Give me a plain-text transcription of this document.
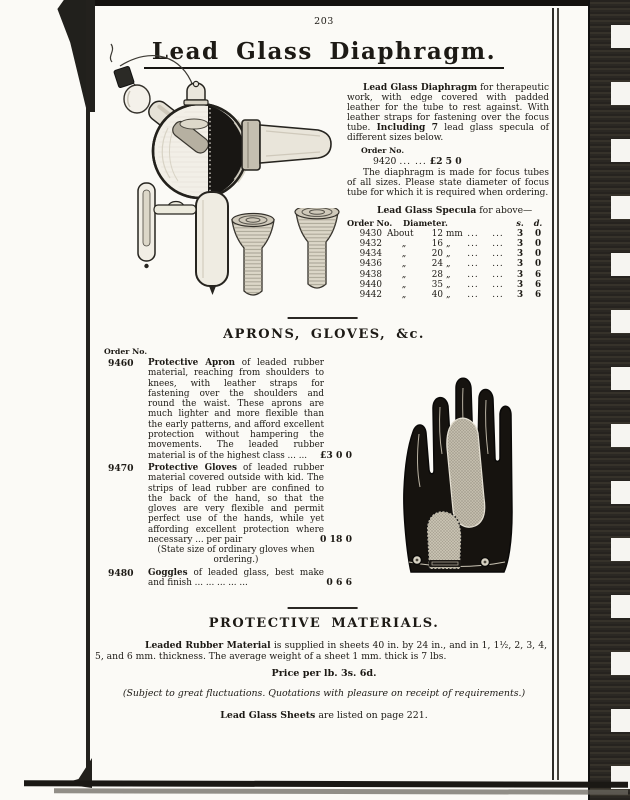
203
Lead Glass Diaphragm.

Lead Glass Diaphragm for therapeutic work, with edge covered with padded leather for the tube to rest against. With leather straps for fastening over the focus tube. Including 7 lead glass specula of different sizes below.

Order No.
9420 ... ... £2 5 0

The diaphragm is made for focus tubes of all sizes. Please state diameter of focus tube for which it is required when ordering.

Lead Glass Specula for above—
Order No.	Diameter.	s.	d.
9430 About	12 mm ...	...	3	0
9432	„	16 „	...	...	3	0
9434	„	20 „	...	...	3	0
9436	„	24 „	...	...	3	0
9438	„	28 „	...	...	3	6
9440	„	35 „	...	...	3	6
9442	„	40 „	...	...	3	6
APRONS, GLOVES, &c.
Order No.
9460 Protective Apron of leaded rubber material, reaching from shoulders to knees, with leather straps for fastening over the shoulders and round the waist. These aprons are much lighter and more flexible than the early patterns, and afford excellent protection without hampering the movements. The leaded rubber material is of the highest class ... ...	£3 0 0
9470 Protective Gloves of leaded rubber material covered outside with kid. The strips of lead rubber are confined to the back of the hand, so that the gloves are very flexible and permit perfect use of the hands, while yet affording excellent protection where necessary ... per pair	0 18 0
(State size of ordinary gloves when ordering.)
9480 Goggles of leaded glass, best make and finish ... ... ... ... ...	0 6 6
PROTECTIVE MATERIALS.

Leaded Rubber Material is supplied in sheets 40 in. by 24 in., and in 1, 1½, 2, 3, 4, 5, and 6 mm. thickness. The average weight of a sheet 1 mm. thick is 7 lbs.

Price per lb. 3s. 6d.
(Subject to great fluctuations. Quotations with pleasure on receipt of requirements.)
Lead Glass Sheets are listed on page 221.
